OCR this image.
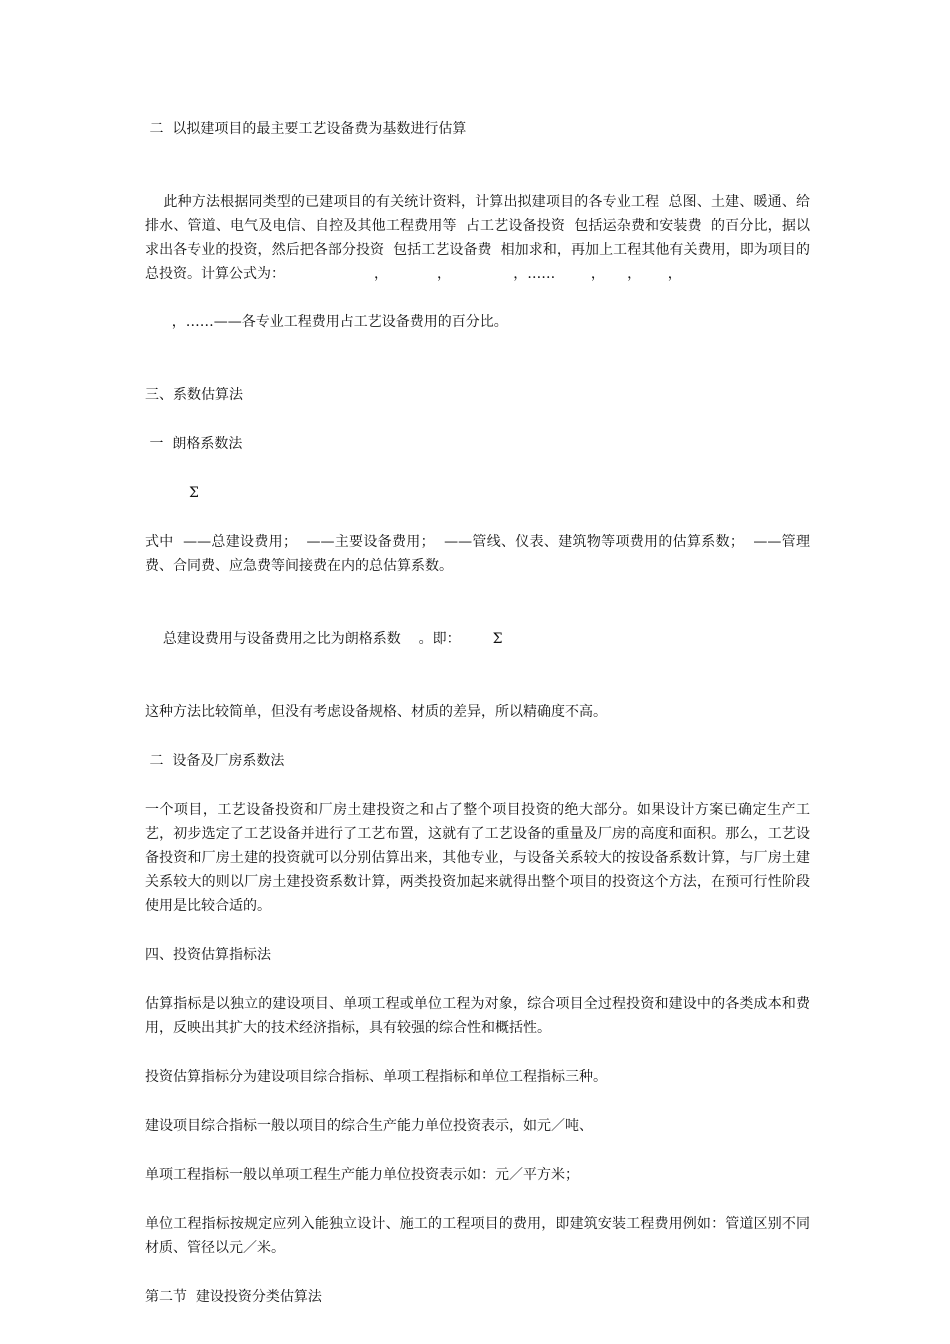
二  以拟建项目的最主要工艺设备费为基数进行估算

此种方法根据同类型的已建项目的有关统计资料，计算出拟建项目的各专业工程  总图、土建、暖通、给排水、管道、电气及电信、自控及其他工程费用等  占工艺设备投资  包括运杂费和安装费  的百分比，据以求出各专业的投资，然后把各部分投资  包括工艺设备费  相加求和，再加上工程其他有关费用，即为项目的总投资。计算公式为：                    ，           ，              ，……        ，     ，      ，

，……——各专业工程费用占工艺设备费用的百分比。

三、系数估算法

一  朗格系数法

Σ

式中  ——总建设费用；  ——主要设备费用；  ——管线、仪表、建筑物等项费用的估算系数；  ——管理费、合同费、应急费等间接费在内的总估算系数。

总建设费用与设备费用之比为朗格系数    。即： Σ

这种方法比较简单，但没有考虑设备规格、材质的差异，所以精确度不高。

二  设备及厂房系数法

一个项目，工艺设备投资和厂房土建投资之和占了整个项目投资的绝大部分。如果设计方案已确定生产工艺，初步选定了工艺设备并进行了工艺布置，这就有了工艺设备的重量及厂房的高度和面积。那么，工艺设备投资和厂房土建的投资就可以分别估算出来，其他专业，与设备关系较大的按设备系数计算，与厂房土建关系较大的则以厂房土建投资系数计算，两类投资加起来就得出整个项目的投资这个方法，在预可行性阶段使用是比较合适的。

四、投资估算指标法

估算指标是以独立的建设项目、单项工程或单位工程为对象，综合项目全过程投资和建设中的各类成本和费用，反映出其扩大的技术经济指标，具有较强的综合性和概括性。

投资估算指标分为建设项目综合指标、单项工程指标和单位工程指标三种。

建设项目综合指标一般以项目的综合生产能力单位投资表示，如元／吨、

单项工程指标一般以单项工程生产能力单位投资表示如：元／平方米；

单位工程指标按规定应列入能独立设计、施工的工程项目的费用，即建筑安装工程费用例如：管道区别不同材质、管径以元／米。

第二节  建设投资分类估算法
